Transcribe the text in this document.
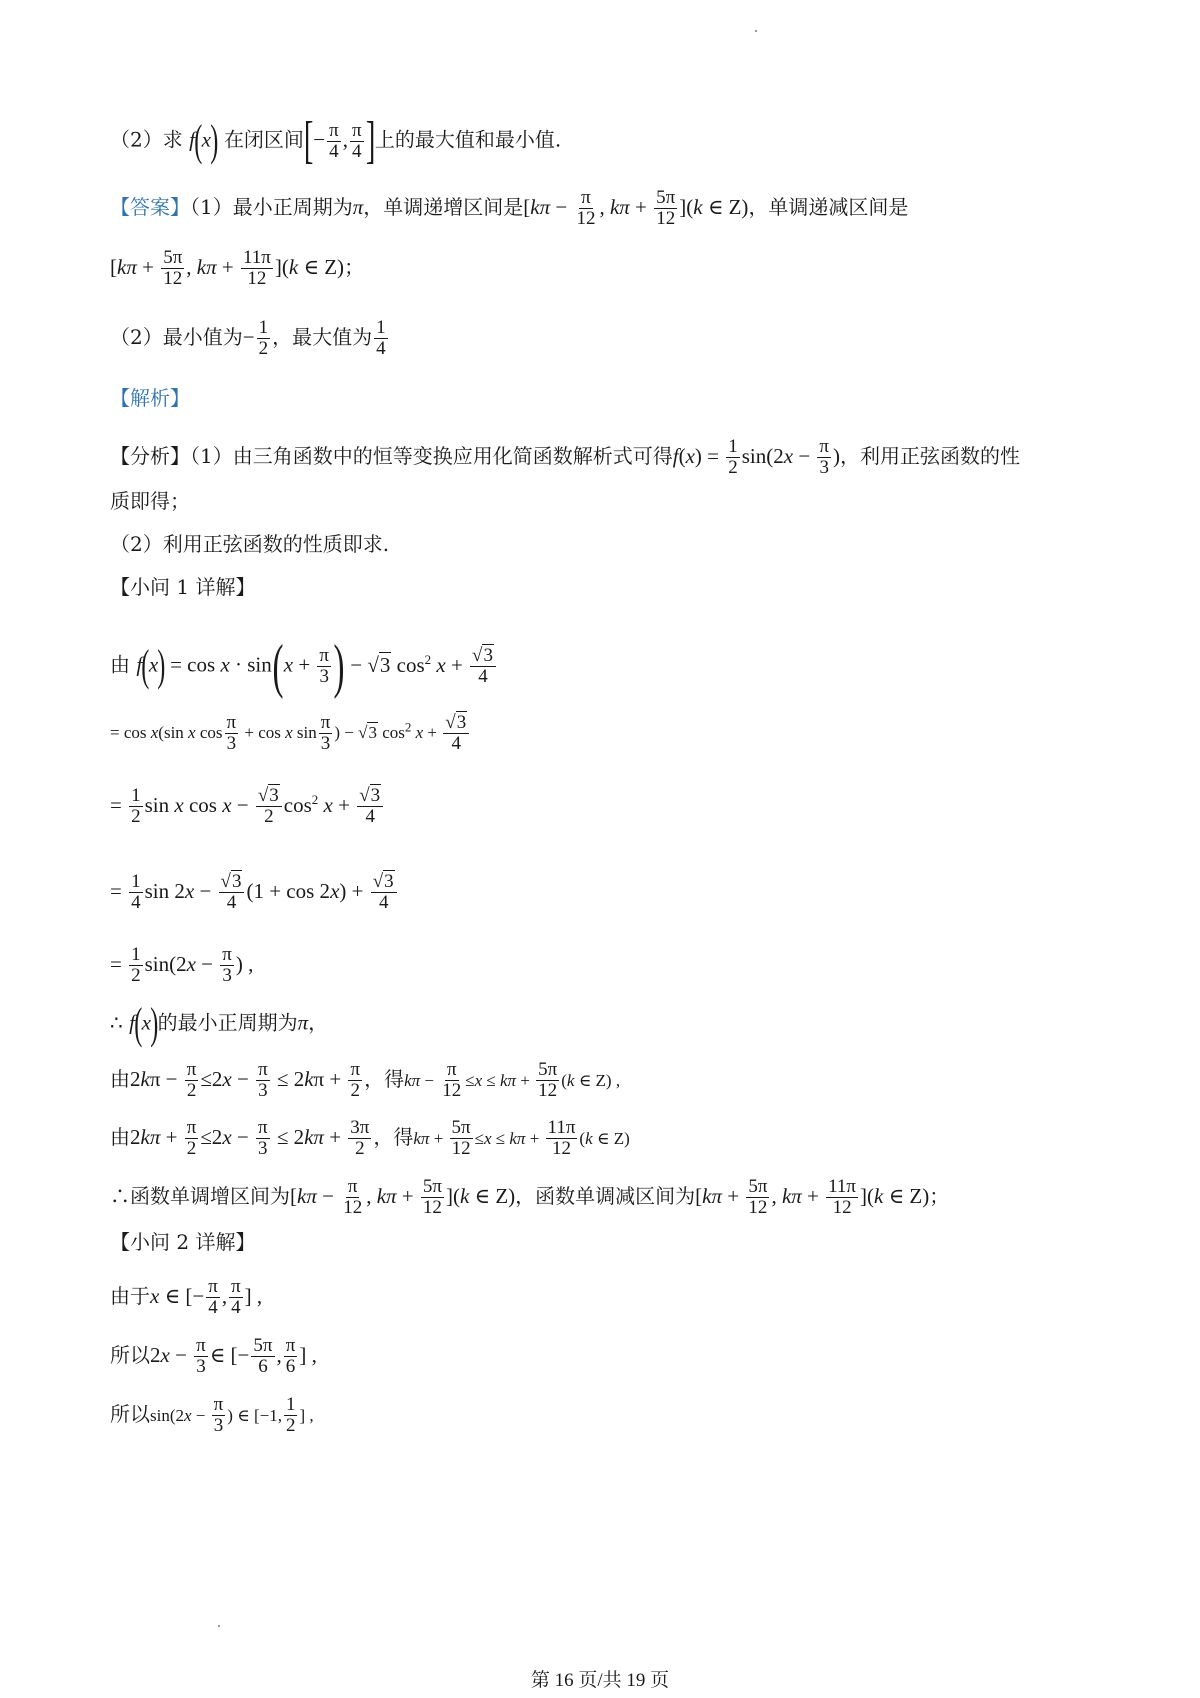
（2）求 f(x) 在闭区间[− $\frac{\pi}{4}$ , $\frac{\pi}{4}$ ]上的最大值和最小值.
【答案】（1）最小正周期为π，单调递增区间是[$k\pi - \frac{\pi}{12}$ , $k\pi + \frac{5\pi}{12} ](k$ ∈ Z)，单调递减区间是
[$k\pi + \frac{5\pi}{12}$ , $k\pi + \frac{11\pi}{12} ](k$ ∈ Z)；
（2）最小值为− $\frac{1}{2}$ ，最大值为 $\frac{1}{4}$
【解析】
【分析】（1）由三角函数中的恒等变换应用化简函数解析式可得$f(x) = \frac{1}{2} \sin(2x - \frac{\pi}{3}$ )，利用正弦函数的性
质即得；
（2）利用正弦函数的性质即求.
【小问 1 详解】
由 $f(x) = \cos x \cdot \sin(x + \frac{\pi}{3}$ ) − √3 $\cos^2 x + \frac{√3}{4}$
= cos x(sin x $\cos \frac{\pi}{3} + \cos x$ $\sin \frac{\pi}{3}$ ) − √3 $\cos^2 x + \frac{√3}{4}$
= $\frac{1}{2}$ sin x $\cos x - \frac{√3}{2} \cos^2 x + \frac{√3}{4}$
= $\frac{1}{4}$ $\sin 2x - \frac{√3}{4} (1 + \cos 2x) + \frac{√3}{4}$
= $\frac{1}{2} \sin(2x - \frac{\pi}{3}$ ) ,
∴ f(x)的最小正周期为π，
由$2k\pi - \frac{\pi}{2} \le 2x - \frac{\pi}{3} \le 2k\pi + \frac{\pi}{2}$ ，得$k\pi - \frac{\pi}{12} \le x \le k\pi + \frac{5\pi}{12} (k$ ∈ Z) ,
由$2k\pi + \frac{\pi}{2} \le 2x - \frac{\pi}{3} \le 2k\pi + \frac{3\pi}{2}$ ，得$k\pi + \frac{5\pi}{12} \le x \le k\pi + \frac{11\pi}{12} (k$ ∈ Z)
∴函数单调增区间为[$k\pi - \frac{\pi}{12}$ , $k\pi + \frac{5\pi}{12} ](k$ ∈ Z)，函数单调减区间为[$k\pi + \frac{5\pi}{12}$ , $k\pi + \frac{11\pi}{12} ](k$ ∈ Z)；
【小问 2 详解】
由于x ∈ [− $\frac{\pi}{4}$ , $\frac{\pi}{4}$ ] ,
所以$2x - \frac{\pi}{3}$ ∈ [− $\frac{5\pi}{6}$ , $\frac{\pi}{6}$ ] ,
所以$\sin(2x - \frac{\pi}{3}$ ) ∈ [−1, $\frac{1}{2}$ ] ,
第 16 页/共 19 页
